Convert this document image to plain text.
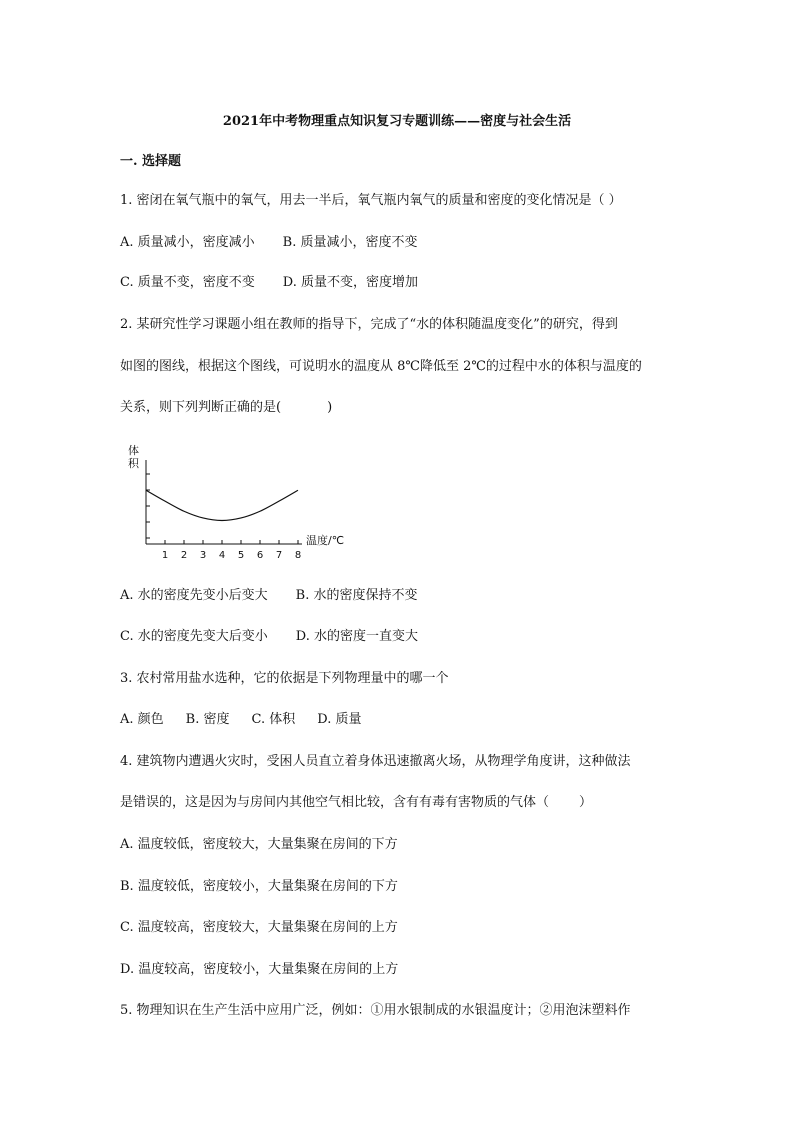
2021年中考物理重点知识复习专题训练——密度与社会生活
一. 选择题
1. 密闭在氧气瓶中的氧气，用去一半后，氧气瓶内氧气的质量和密度的变化情况是（ ）
A. 质量减小，密度减小 B. 质量减小，密度不变
C. 质量不变，密度不变 D. 质量不变，密度增加
2. 某研究性学习课题小组在教师的指导下，完成了“水的体积随温度变化”的研究，得到
如图的图线，根据这个图线，可说明水的温度从 8℃降低至 2℃的过程中水的体积与温度的
关系，则下列判断正确的是(	)
1 2 3 4 5 6 7 8
体
积
温度/℃
A. 水的密度先变小后变大 B. 水的密度保持不变
C. 水的密度先变大后变小 D. 水的密度一直变大
3. 农村常用盐水选种，它的依据是下列物理量中的哪一个
A. 颜色 B. 密度 C. 体积 D. 质量
4. 建筑物内遭遇火灾时，受困人员直立着身体迅速撤离火场，从物理学角度讲，这种做法
是错误的，这是因为与房间内其他空气相比较，含有有毒有害物质的气体（ ）
A. 温度较低，密度较大，大量集聚在房间的下方
B. 温度较低，密度较小，大量集聚在房间的下方
C. 温度较高，密度较大，大量集聚在房间的上方
D. 温度较高，密度较小，大量集聚在房间的上方
5. 物理知识在生产生活中应用广泛，例如：①用水银制成的水银温度计；②用泡沫塑料作
